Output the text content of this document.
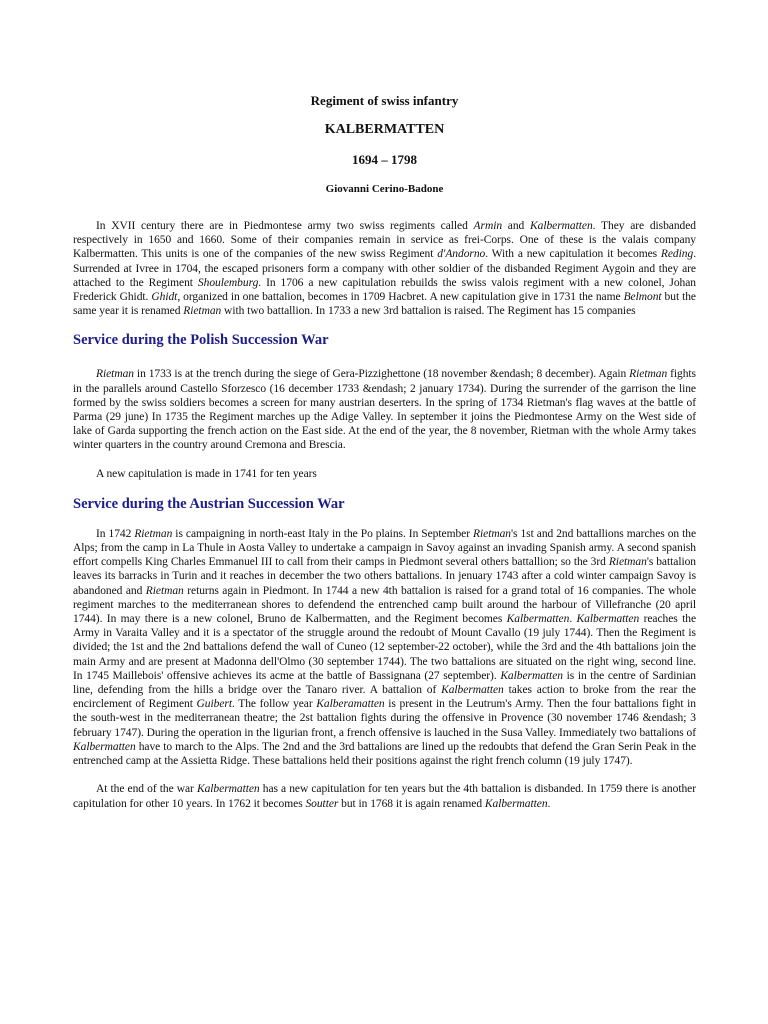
Regiment of swiss infantry

KALBERMATTEN

1694 – 1798

Giovanni Cerino-Badone

In XVII century there are in Piedmontese army two swiss regiments called Armin and Kalbermatten. They are disbanded respectively in 1650 and 1660. Some of their companies remain in service as frei-Corps. One of these is the valais company Kalbermatten. This units is one of the companies of the new swiss Regiment d'Andorno. With a new capitulation it becomes Reding. Surrended at Ivree in 1704, the escaped prisoners form a company with other soldier of the disbanded Regiment Aygoin and they are attached to the Regiment Shoulemburg. In 1706 a new capitulation rebuilds the swiss valois regiment with a new colonel, Johan Frederick Ghidt. Ghidt, organized in one battalion, becomes in 1709 Hacbret. A new capitulation give in 1731 the name Belmont but the same year it is renamed Rietman with two battallion. In 1733 a new 3rd battalion is raised. The Regiment has 15 companies

Service during the Polish Succession War

Rietman in 1733 is at the trench during the siege of Gera-Pizzighettone (18 november &endash; 8 december). Again Rietman fights in the parallels around Castello Sforzesco (16 december 1733 &endash; 2 january 1734). During the surrender of the garrison the line formed by the swiss soldiers becomes a screen for many austrian deserters. In the spring of 1734 Rietman's flag waves at the battle of Parma (29 june) In 1735 the Regiment marches up the Adige Valley. In september it joins the Piedmontese Army on the West side of lake of Garda supporting the french action on the East side. At the end of the year, the 8 november, Rietman with the whole Army takes winter quarters in the country around Cremona and Brescia.

A new capitulation is made in 1741 for ten years

Service during the Austrian Succession War

In 1742 Rietman is campaigning in north-east Italy in the Po plains. In September Rietman's 1st and 2nd battallions marches on the Alps; from the camp in La Thule in Aosta Valley to undertake a campaign in Savoy against an invading Spanish army. A second spanish effort compells King Charles Emmanuel III to call from their camps in Piedmont several others battallion; so the 3rd Rietman's battalion leaves its barracks in Turin and it reaches in december the two others battalions. In jenuary 1743 after a cold winter campaign Savoy is abandoned and Rietman returns again in Piedmont. In 1744 a new 4th battalion is raised for a grand total of 16 companies. The whole regiment marches to the mediterranean shores to defendend the entrenched camp built around the harbour of Villefranche (20 april 1744). In may there is a new colonel, Bruno de Kalbermatten, and the Regiment becomes Kalbermatten. Kalbermatten reaches the Army in Varaita Valley and it is a spectator of the struggle around the redoubt of Mount Cavallo (19 july 1744). Then the Regiment is divided; the 1st and the 2nd battalions defend the wall of Cuneo (12 september-22 october), while the 3rd and the 4th battalions join the main Army and are present at Madonna dell'Olmo (30 september 1744). The two battalions are situated on the right wing, second line. In 1745 Maillebois' offensive achieves its acme at the battle of Bassignana (27 september). Kalbermatten is in the centre of Sardinian line, defending from the hills a bridge over the Tanaro river. A battalion of Kalbermatten takes action to broke from the rear the encirclement of Regiment Guibert. The follow year Kalberamatten is present in the Leutrum's Army. Then the four battalions fight in the south-west in the mediterranean theatre; the 2st battalion fights during the offensive in Provence (30 november 1746 &endash; 3 february 1747). During the operation in the ligurian front, a french offensive is lauched in the Susa Valley. Immediately two battalions of Kalbermatten have to march to the Alps. The 2nd and the 3rd battalions are lined up the redoubts that defend the Gran Serin Peak in the entrenched camp at the Assietta Ridge. These battalions held their positions against the right french column (19 july 1747).

At the end of the war Kalbermatten has a new capitulation for ten years but the 4th battalion is disbanded. In 1759 there is another capitulation for other 10 years. In 1762 it becomes Soutter but in 1768 it is again renamed Kalbermatten.
